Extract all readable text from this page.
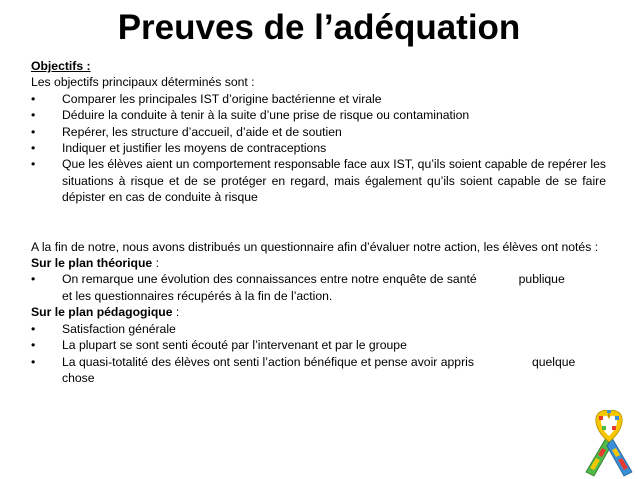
Preuves de l’adéquation

Objectifs :

Les objectifs principaux déterminés sont :

• Comparer les principales IST d’origine bactérienne et virale
• Déduire la conduite à tenir à la suite d’une prise de risque ou contamination
• Repérer, les structure d’accueil, d’aide et de soutien
• Indiquer et justifier les moyens de contraceptions
• Que les élèves aient un comportement responsable face aux IST, qu’ils soient capable de repérer les situations à risque et de se protéger en regard, mais également qu’ils soient capable de se faire dépister en cas de conduite à risque

A la fin de notre, nous avons distribués un questionnaire afin d’évaluer notre action, les élèves ont notés :

Sur le plan théorique :

• On remarque une évolution des connaissances entre notre enquête de santé	publique
et les questionnaires récupérés à la fin de l’action.

Sur le plan pédagogique :

• Satisfaction générale
• La plupart se sont senti écouté par l’intervenant et par le groupe
• La quasi-totalité des élèves ont senti l’action bénéfique et pense avoir appris	quelque
chose
